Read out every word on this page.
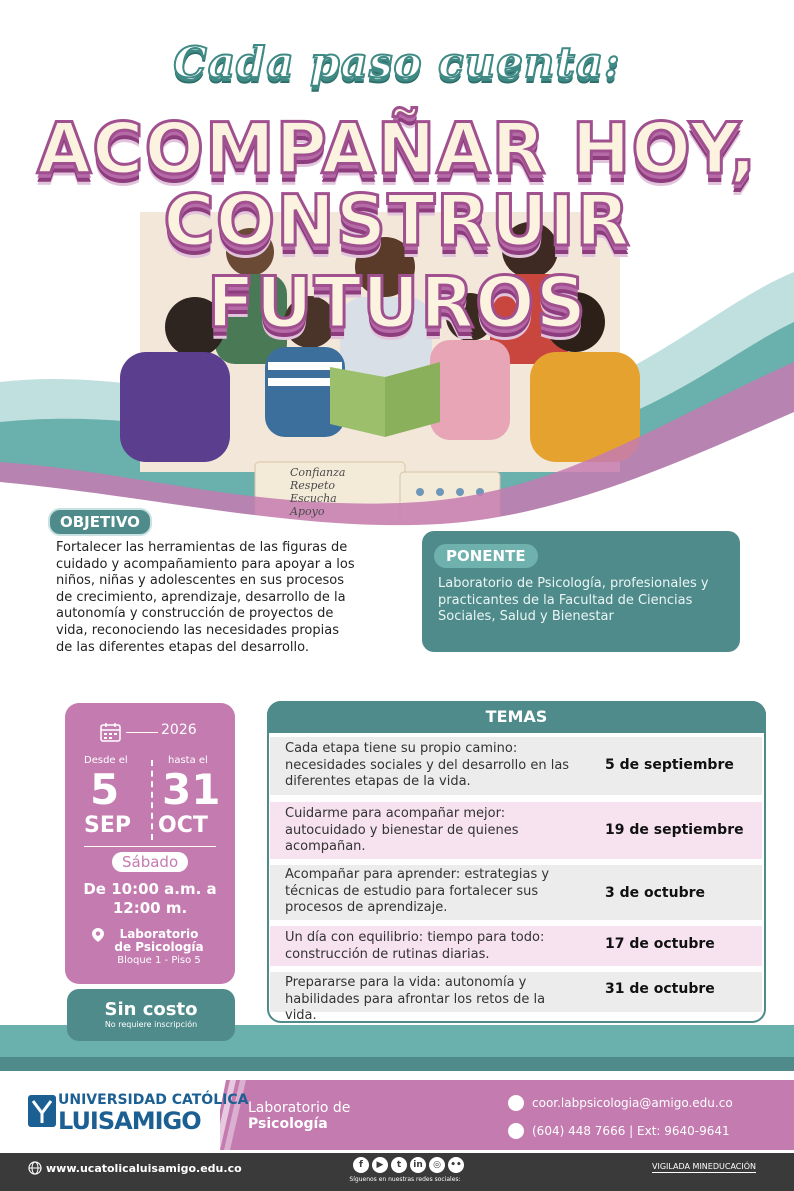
Cada paso cuenta:
Confianza
Respeto
Escucha
Apoyo
ACOMPAÑAR HOY,
CONSTRUIR FUTUROS
OBJETIVO
Fortalecer las herramientas de las figuras de cuidado y acompañamiento para apoyar a los niños, niñas y adolescentes en sus procesos de crecimiento, aprendizaje, desarrollo de la autonomía y construcción de proyectos de vida, reconociendo las necesidades propias de las diferentes etapas del desarrollo.
PONENTE
Laboratorio de Psicología, profesionales y practicantes de la Facultad de Ciencias Sociales, Salud y Bienestar
2026
Desde el	hasta el
5 31
SEP OCT
Sábado
De 10:00 a.m. a
12:00 m.
Laboratorio
de Psicología
Bloque 1 - Piso 5
Sin costo
No requiere inscripción
TEMAS
Cada etapa tiene su propio camino: necesidades sociales y del desarrollo en las diferentes etapas de la vida.
5 de septiembre
Cuidarme para acompañar mejor: autocuidado y bienestar de quienes acompañan.
19 de septiembre
Acompañar para aprender: estrategias y técnicas de estudio para fortalecer sus procesos de aprendizaje.
3 de octubre
Un día con equilibrio: tiempo para todo: construcción de rutinas diarias.
17 de octubre
Prepararse para la vida: autonomía y habilidades para afrontar los retos de la vida.
31 de octubre
UNIVERSIDAD CATÓLICA
LUISAMIGO	Laboratorio de
Psicología
coor.labpsicologia@amigo.edu.co
(604) 448 7666 | Ext: 9640-9641
www.ucatolicaluisamigo.edu.co	f	▶	t	in	◎	••
Síguenos en nuestras redes sociales:
VIGILADA MINEDUCACIÓN
